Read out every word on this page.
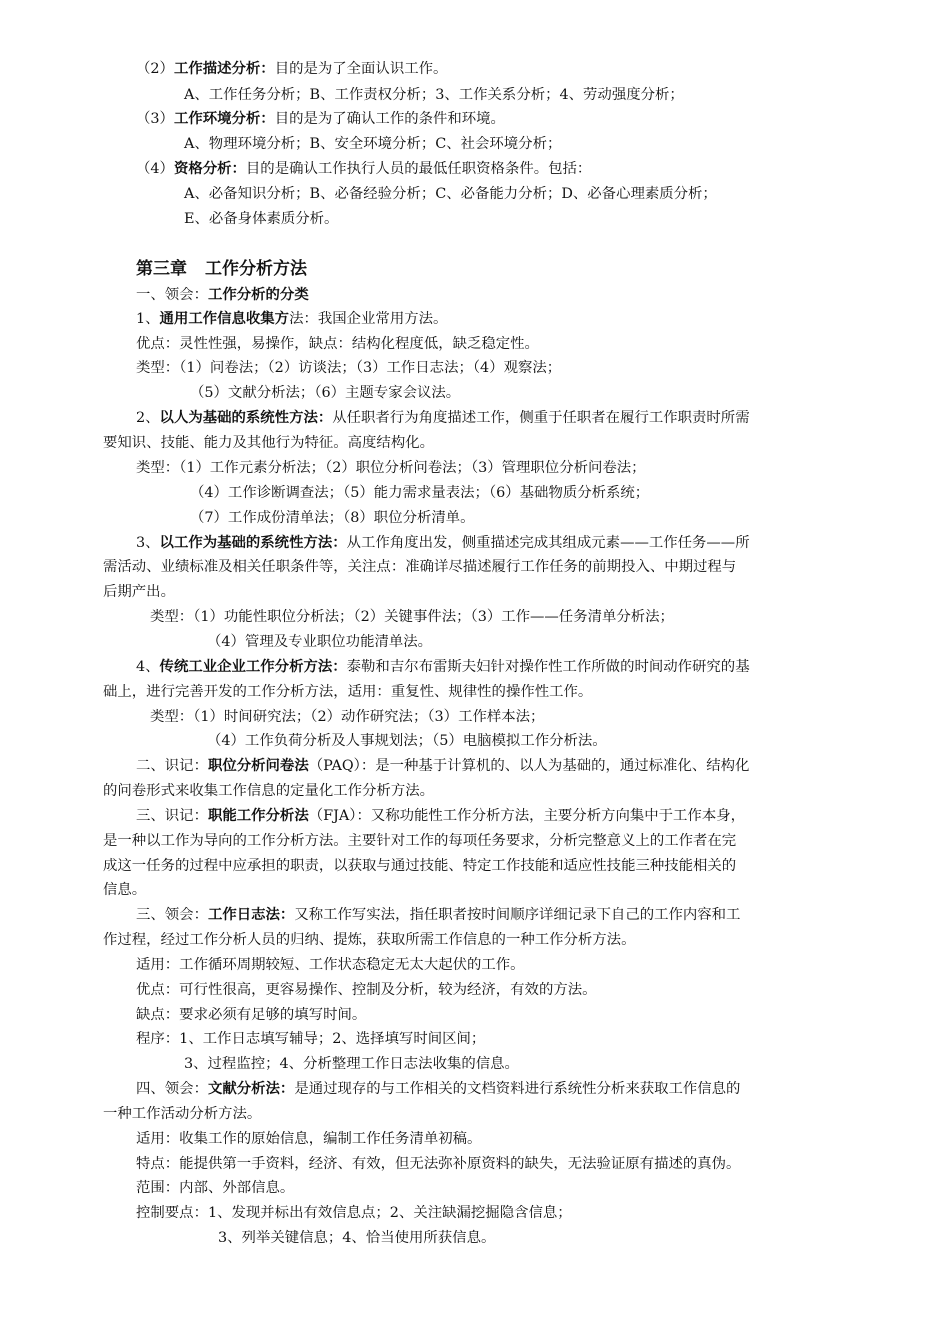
（2）工作描述分析：目的是为了全面认识工作。
A、工作任务分析；B、工作责权分析；3、工作关系分析；4、劳动强度分析；
（3）工作环境分析：目的是为了确认工作的条件和环境。
A、物理环境分析；B、安全环境分析；C、社会环境分析；
（4）资格分析：目的是确认工作执行人员的最低任职资格条件。包括：
A、必备知识分析；B、必备经验分析；C、必备能力分析；D、必备心理素质分析；
E、必备身体素质分析。
第三章 工作分析方法
一、领会：工作分析的分类
1、通用工作信息收集方法：我国企业常用方法。
优点：灵性性强，易操作，缺点：结构化程度低，缺乏稳定性。
类型：（1）问卷法；（2）访谈法；（3）工作日志法；（4）观察法；
（5）文献分析法；（6）主题专家会议法。
2、以人为基础的系统性方法：从任职者行为角度描述工作，侧重于任职者在履行工作职责时所需
要知识、技能、能力及其他行为特征。高度结构化。
类型：（1）工作元素分析法；（2）职位分析问卷法；（3）管理职位分析问卷法；
（4）工作诊断调查法；（5）能力需求量表法；（6）基础物质分析系统；
（7）工作成份清单法；（8）职位分析清单。
3、以工作为基础的系统性方法：从工作角度出发，侧重描述完成其组成元素——工作任务——所
需活动、业绩标准及相关任职条件等，关注点：准确详尽描述履行工作任务的前期投入、中期过程与
后期产出。
类型：（1）功能性职位分析法；（2）关键事件法；（3）工作——任务清单分析法；
（4）管理及专业职位功能清单法。
4、传统工业企业工作分析方法：泰勒和吉尔布雷斯夫妇针对操作性工作所做的时间动作研究的基
础上，进行完善开发的工作分析方法，适用：重复性、规律性的操作性工作。
类型：（1）时间研究法；（2）动作研究法；（3）工作样本法；
（4）工作负荷分析及人事规划法；（5）电脑模拟工作分析法。
二、识记：职位分析问卷法（PAQ）：是一种基于计算机的、以人为基础的，通过标准化、结构化
的问卷形式来收集工作信息的定量化工作分析方法。
三、识记：职能工作分析法（FJA）：又称功能性工作分析方法，主要分析方向集中于工作本身，
是一种以工作为导向的工作分析方法。主要针对工作的每项任务要求，分析完整意义上的工作者在完
成这一任务的过程中应承担的职责，以获取与通过技能、特定工作技能和适应性技能三种技能相关的
信息。
三、领会：工作日志法：又称工作写实法，指任职者按时间顺序详细记录下自己的工作内容和工
作过程，经过工作分析人员的归纳、提炼，获取所需工作信息的一种工作分析方法。
适用：工作循环周期较短、工作状态稳定无太大起伏的工作。
优点：可行性很高，更容易操作、控制及分析，较为经济，有效的方法。
缺点：要求必须有足够的填写时间。
程序：1、工作日志填写辅导；2、选择填写时间区间；
3、过程监控；4、分析整理工作日志法收集的信息。
四、领会：文献分析法：是通过现存的与工作相关的文档资料进行系统性分析来获取工作信息的
一种工作活动分析方法。
适用：收集工作的原始信息，编制工作任务清单初稿。
特点：能提供第一手资料，经济、有效，但无法弥补原资料的缺失，无法验证原有描述的真伪。
范围：内部、外部信息。
控制要点：1、发现并标出有效信息点；2、关注缺漏挖掘隐含信息；
3、列举关键信息；4、恰当使用所获信息。
